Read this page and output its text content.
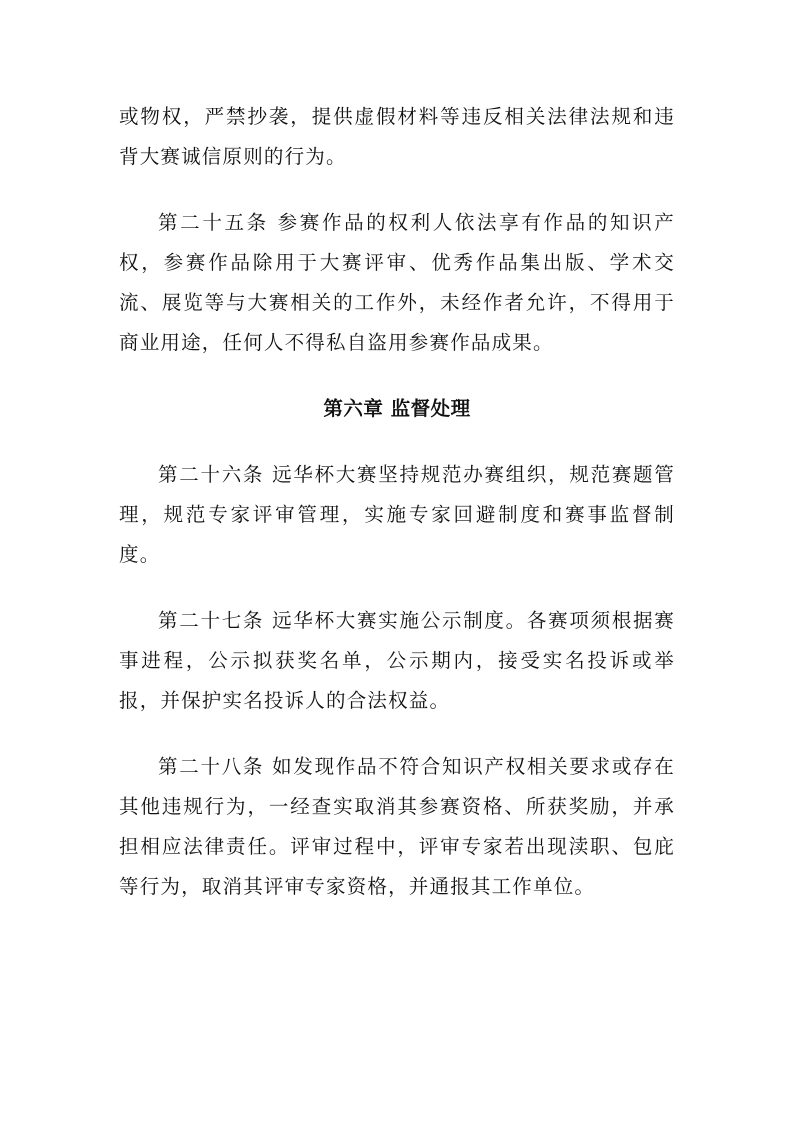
或物权，严禁抄袭，提供虚假材料等违反相关法律法规和违背大赛诚信原则的行为。

第二十五条 参赛作品的权利人依法享有作品的知识产权，参赛作品除用于大赛评审、优秀作品集出版、学术交流、展览等与大赛相关的工作外，未经作者允许，不得用于商业用途，任何人不得私自盗用参赛作品成果。

第六章 监督处理

第二十六条 远华杯大赛坚持规范办赛组织，规范赛题管理，规范专家评审管理，实施专家回避制度和赛事监督制度。

第二十七条 远华杯大赛实施公示制度。各赛项须根据赛事进程，公示拟获奖名单，公示期内，接受实名投诉或举报，并保护实名投诉人的合法权益。

第二十八条 如发现作品不符合知识产权相关要求或存在其他违规行为，一经查实取消其参赛资格、所获奖励，并承担相应法律责任。评审过程中，评审专家若出现渎职、包庇等行为，取消其评审专家资格，并通报其工作单位。
